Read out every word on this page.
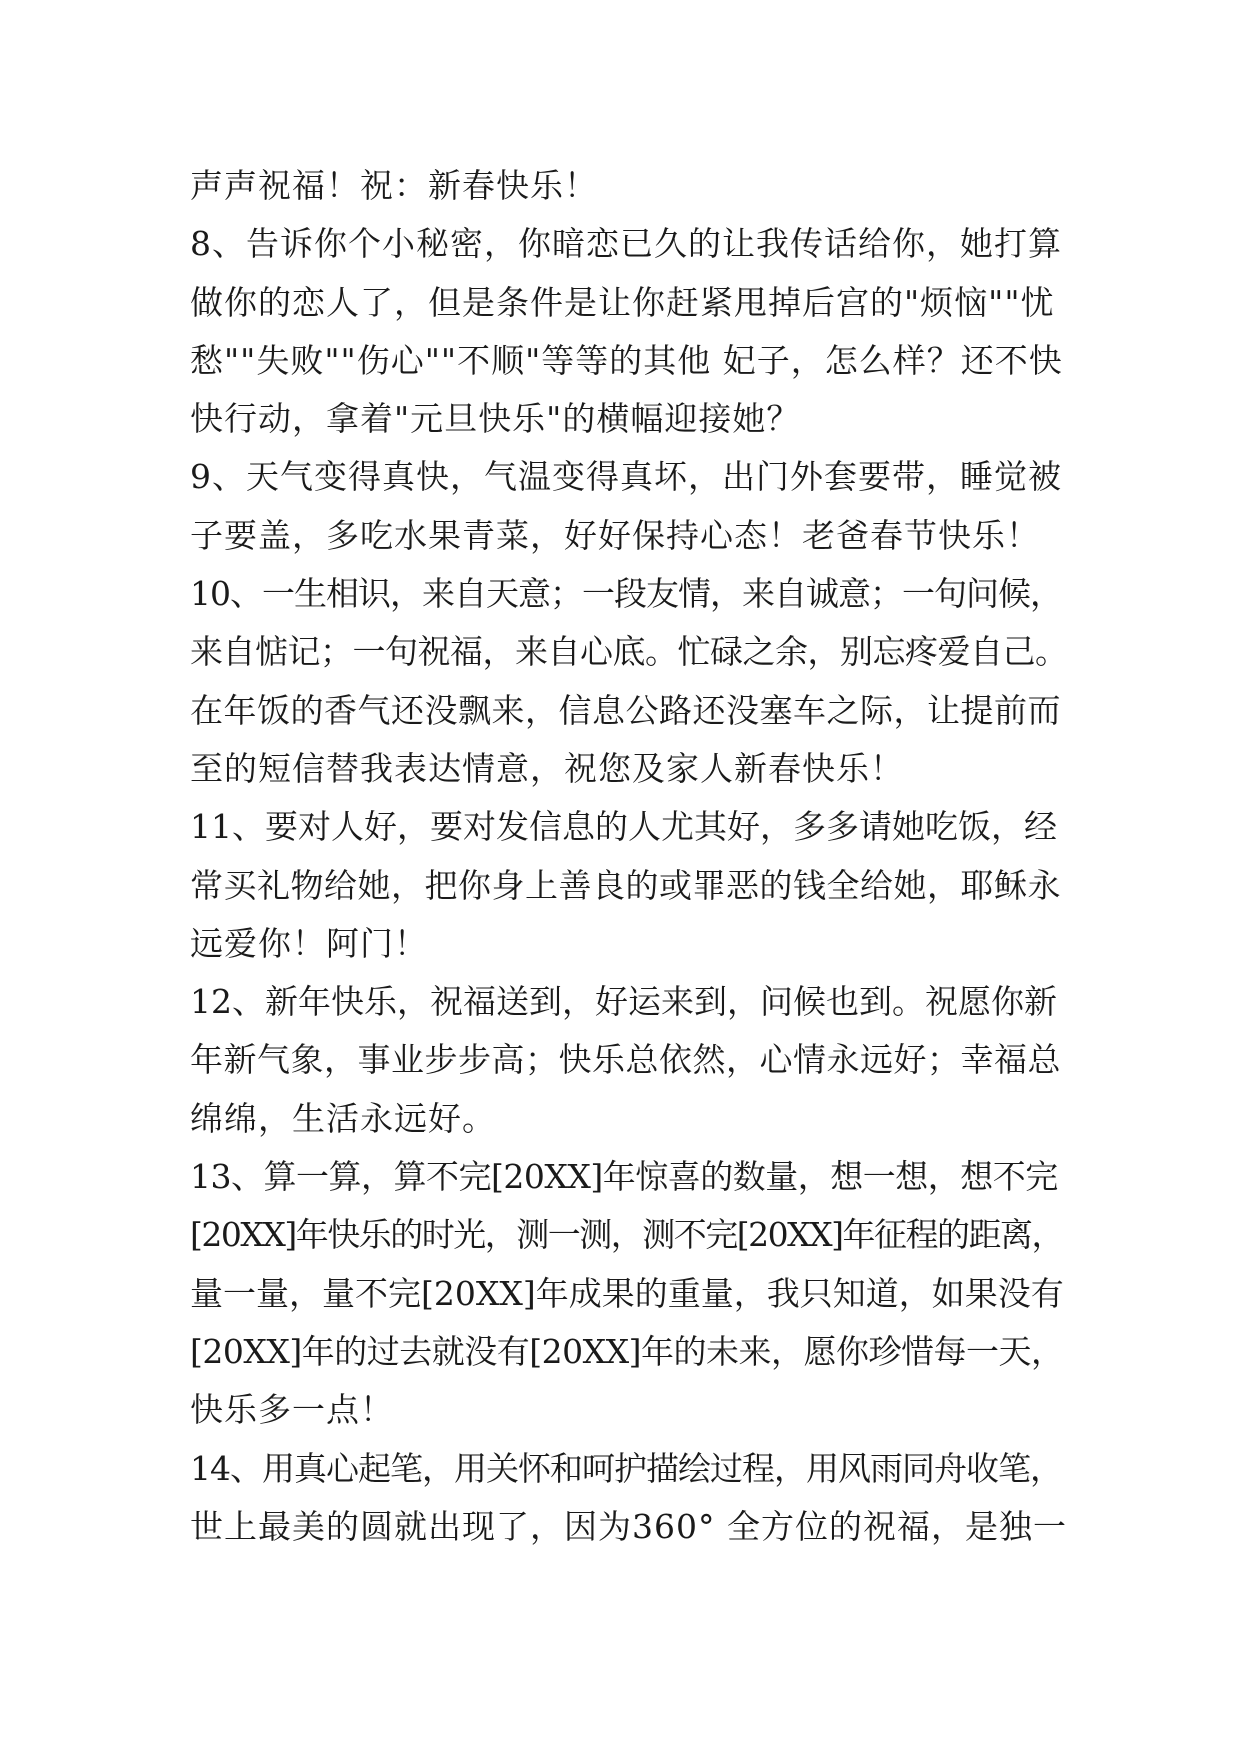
声声祝福！祝：新春快乐！
8、告诉你个小秘密，你暗恋已久的让我传话给你，她打算
做你的恋人了，但是条件是让你赶紧甩掉后宫的"烦恼""忧
愁""失败""伤心""不顺"等等的其他 妃子，怎么样？还不快
快行动，拿着"元旦快乐"的横幅迎接她？
9、天气变得真快，气温变得真坏，出门外套要带，睡觉被
子要盖，多吃水果青菜，好好保持心态！老爸春节快乐！
10、一生相识，来自天意；一段友情，来自诚意；一句问候，
来自惦记；一句祝福，来自心底。忙碌之余，别忘疼爱自己。
在年饭的香气还没飘来，信息公路还没塞车之际，让提前而
至的短信替我表达情意，祝您及家人新春快乐！
11、要对人好，要对发信息的人尤其好，多多请她吃饭，经
常买礼物给她，把你身上善良的或罪恶的钱全给她，耶稣永
远爱你！阿门！
12、新年快乐，祝福送到，好运来到，问候也到。祝愿你新
年新气象，事业步步高；快乐总依然，心情永远好；幸福总
绵绵，生活永远好。
13、算一算，算不完[20XX]年惊喜的数量，想一想，想不完
[20XX]年快乐的时光，测一测，测不完[20XX]年征程的距离，
量一量，量不完[20XX]年成果的重量，我只知道，如果没有
[20XX]年的过去就没有[20XX]年的未来，愿你珍惜每一天，
快乐多一点！
14、用真心起笔，用关怀和呵护描绘过程，用风雨同舟收笔，
世上最美的圆就出现了，因为360° 全方位的祝福，是独一
